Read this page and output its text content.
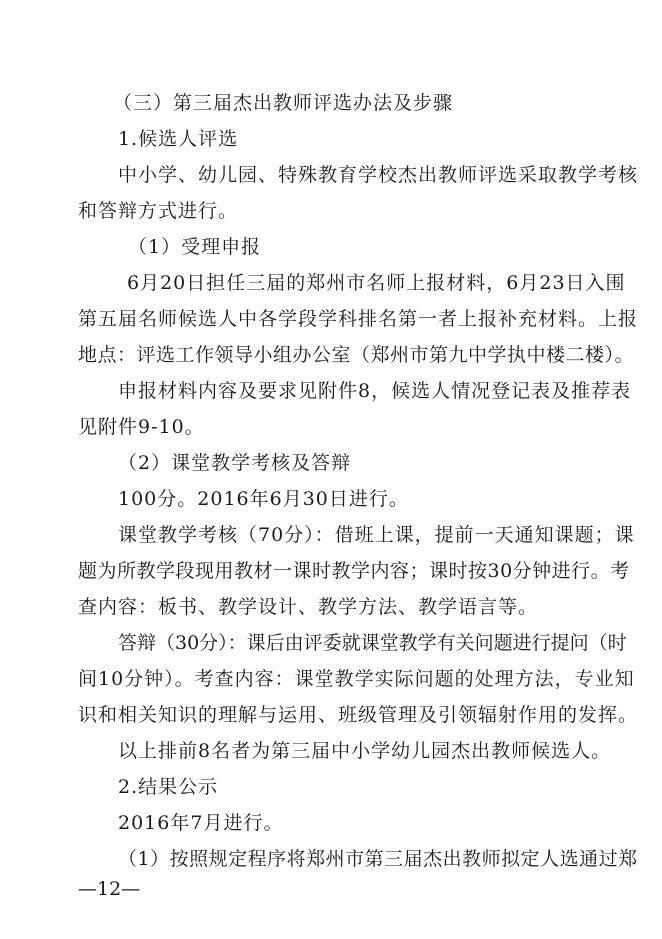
（三）第三届杰出教师评选办法及步骤
1.候选人评选
中小学、幼儿园、特殊教育学校杰出教师评选采取教学考核
和答辩方式进行。
（1）受理申报
6月20日担任三届的郑州市名师上报材料，6月23日入围
第五届名师候选人中各学段学科排名第一者上报补充材料。上报
地点：评选工作领导小组办公室（郑州市第九中学执中楼二楼）。
申报材料内容及要求见附件8，候选人情况登记表及推荐表
见附件9-10。
（2）课堂教学考核及答辩
100分。2016年6月30日进行。
课堂教学考核（70分）：借班上课，提前一天通知课题；课
题为所教学段现用教材一课时教学内容；课时按30分钟进行。考
查内容：板书、教学设计、教学方法、教学语言等。
答辩（30分）：课后由评委就课堂教学有关问题进行提问（时
间10分钟）。考查内容：课堂教学实际问题的处理方法，专业知
识和相关知识的理解与运用、班级管理及引领辐射作用的发挥。
以上排前8名者为第三届中小学幼儿园杰出教师候选人。
2.结果公示
2016年7月进行。
（1）按照规定程序将郑州市第三届杰出教师拟定人选通过郑
—12—
